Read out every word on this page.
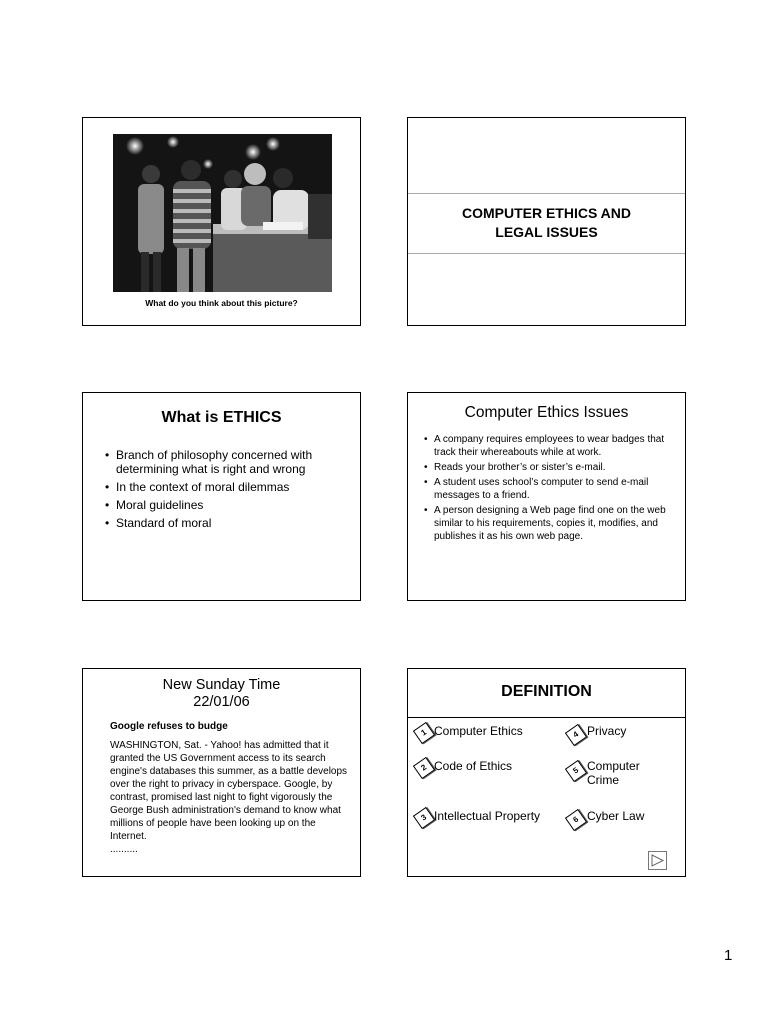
What do you think about this picture?
COMPUTER ETHICS AND
LEGAL ISSUES
What is ETHICS
• Branch of philosophy concerned with determining what is right and wrong
• In the context of moral dilemmas
• Moral guidelines
• Standard of moral
Computer Ethics Issues
• A company requires employees to wear badges that track their whereabouts while at work.
• Reads your brother’s or sister’s e-mail.
• A student uses school’s computer to send e-mail messages to a friend.
• A person designing a Web page find one on the web similar to his requirements, copies it, modifies, and publishes it as his own web page.
New Sunday Time
22/01/06
Google refuses to budge

WASHINGTON, Sat. - Yahoo! has admitted that it granted the US Government access to its search engine's databases this summer, as a battle develops over the right to privacy in cyberspace. Google, by contrast, promised last night to fight vigorously the George Bush administration's demand to know what millions of people have been looking up on the Internet.
..........

DEFINITION
1 Computer Ethics
2 Code of Ethics
3 Intellectual Property
4 Privacy
5 Computer Crime
6 Cyber Law
1
